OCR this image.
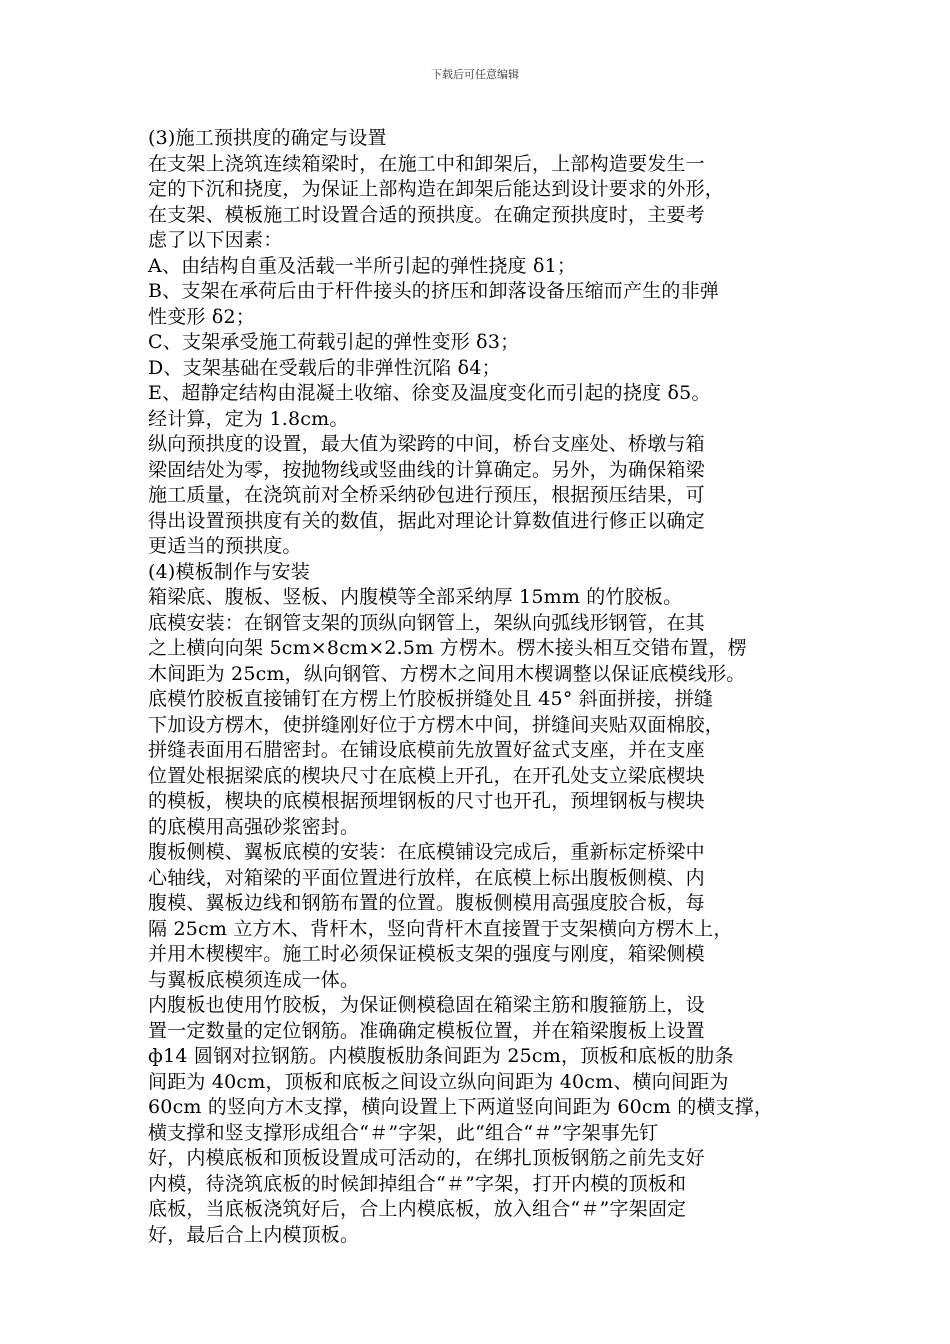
下载后可任意编辑
(3)施工预拱度的确定与设置
在支架上浇筑连续箱梁时，在施工中和卸架后，上部构造要发生一
定的下沉和挠度，为保证上部构造在卸架后能达到设计要求的外形，
在支架、模板施工时设置合适的预拱度。在确定预拱度时，主要考
虑了以下因素：
A、由结构自重及活载一半所引起的弹性挠度 δ1；
B、支架在承荷后由于杆件接头的挤压和卸落设备压缩而产生的非弹
性变形 δ2；
C、支架承受施工荷载引起的弹性变形 δ3；
D、支架基础在受载后的非弹性沉陷 δ4；
E、超静定结构由混凝土收缩、徐变及温度变化而引起的挠度 δ5。
经计算，定为 1.8cm。
纵向预拱度的设置，最大值为梁跨的中间，桥台支座处、桥墩与箱
梁固结处为零，按抛物线或竖曲线的计算确定。另外，为确保箱梁
施工质量，在浇筑前对全桥采纳砂包进行预压，根据预压结果，可
得出设置预拱度有关的数值，据此对理论计算数值进行修正以确定
更适当的预拱度。
(4)模板制作与安装
箱梁底、腹板、竖板、内腹模等全部采纳厚 15mm 的竹胶板。
底模安装：在钢管支架的顶纵向钢管上，架纵向弧线形钢管，在其
之上横向向架 5cm×8cm×2.5m 方楞木。楞木接头相互交错布置，楞
木间距为 25cm，纵向钢管、方楞木之间用木楔调整以保证底模线形。
底模竹胶板直接铺钉在方楞上竹胶板拼缝处且 45° 斜面拼接，拼缝
下加设方楞木，使拼缝刚好位于方楞木中间，拼缝间夹贴双面棉胶，
拼缝表面用石腊密封。在铺设底模前先放置好盆式支座，并在支座
位置处根据梁底的楔块尺寸在底模上开孔，在开孔处支立梁底楔块
的模板，楔块的底模根据预埋钢板的尺寸也开孔，预埋钢板与楔块
的底模用高强砂浆密封。
腹板侧模、翼板底模的安装：在底模铺设完成后，重新标定桥梁中
心轴线，对箱梁的平面位置进行放样，在底模上标出腹板侧模、内
腹模、翼板边线和钢筋布置的位置。腹板侧模用高强度胶合板，每
隔 25cm 立方木、背杆木，竖向背杆木直接置于支架横向方楞木上，
并用木楔楔牢。施工时必须保证模板支架的强度与刚度，箱梁侧模
与翼板底模须连成一体。
内腹板也使用竹胶板，为保证侧模稳固在箱梁主筋和腹箍筋上，设
置一定数量的定位钢筋。准确确定模板位置，并在箱梁腹板上设置
ф14 圆钢对拉钢筋。内模腹板肋条间距为 25cm，顶板和底板的肋条
间距为 40cm，顶板和底板之间设立纵向间距为 40cm、横向间距为
60cm 的竖向方木支撑，横向设置上下两道竖向间距为 60cm 的横支撑，
横支撑和竖支撑形成组合“＃”字架，此“组合“＃”字架事先钉
好，内模底板和顶板设置成可活动的，在绑扎顶板钢筋之前先支好
内模，待浇筑底板的时候卸掉组合“＃”字架，打开内模的顶板和
底板，当底板浇筑好后，合上内模底板，放入组合“＃”字架固定
好，最后合上内模顶板。
